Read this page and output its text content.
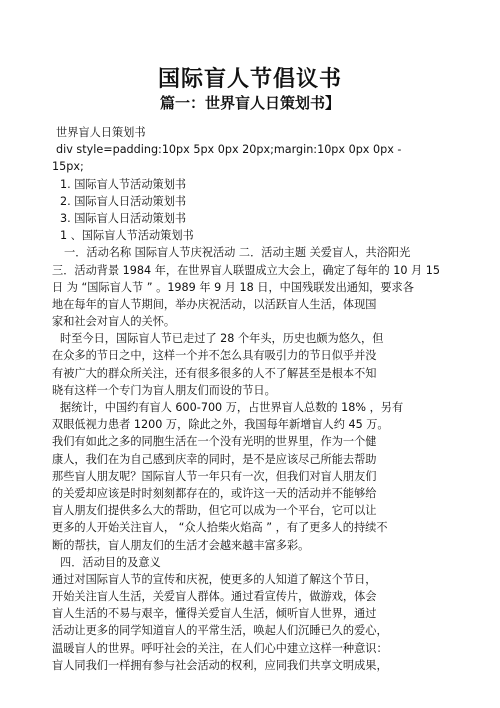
国际盲人节倡议书
篇一：世界盲人日策划书】
世界盲人日策划书
div style=padding:10px 5px 0px 20px;margin:10px 0px 0px -
15px;
1. 国际盲人节活动策划书
2. 国际盲人日活动策划书
3. 国际盲人日活动策划书
1 、国际盲人节活动策划书
一．活动名称 国际盲人节庆祝活动 二．活动主题 关爱盲人，共浴阳光
三．活动背景 1984 年，在世界盲人联盟成立大会上，确定了每年的 10 月 15
日 为 “国际盲人节 ” 。1989 年 9 月 18 日，中国残联发出通知，要求各
地在每年的盲人节期间，举办庆祝活动，以活跃盲人生活，体现国
家和社会对盲人的关怀。
时至今日，国际盲人节已走过了 28 个年头，历史也颇为悠久，但
在众多的节日之中，这样一个并不怎么具有吸引力的节日似乎并没
有被广大的群众所关注，还有很多很多的人不了解甚至是根本不知
晓有这样一个专门为盲人朋友们而设的节日。
据统计，中国约有盲人 600-700 万，占世界盲人总数的 18% ，另有
双眼低视力患者 1200 万，除此之外，我国每年新增盲人约 45 万。
我们有如此之多的同胞生活在一个没有光明的世界里，作为一个健
康人，我们在为自己感到庆幸的同时，是不是应该尽己所能去帮助
那些盲人朋友呢？国际盲人节一年只有一次，但我们对盲人朋友们
的关爱却应该是时时刻刻都存在的，或许这一天的活动并不能够给
盲人朋友们提供多么大的帮助，但它可以成为一个平台，它可以让
更多的人开始关注盲人， “众人拾柴火焰高 ” ，有了更多人的持续不
断的帮扶，盲人朋友们的生活才会越来越丰富多彩。
四．活动目的及意义
通过对国际盲人节的宣传和庆祝，使更多的人知道了解这个节日，
开始关注盲人生活，关爱盲人群体。通过看宣传片，做游戏，体会
盲人生活的不易与艰辛，懂得关爱盲人生活，倾听盲人世界，通过
活动让更多的同学知道盲人的平常生活，唤起人们沉睡已久的爱心，
温暖盲人的世界。呼吁社会的关注，在人们心中建立这样一种意识：
盲人同我们一样拥有参与社会活动的权利，应同我们共享文明成果，
